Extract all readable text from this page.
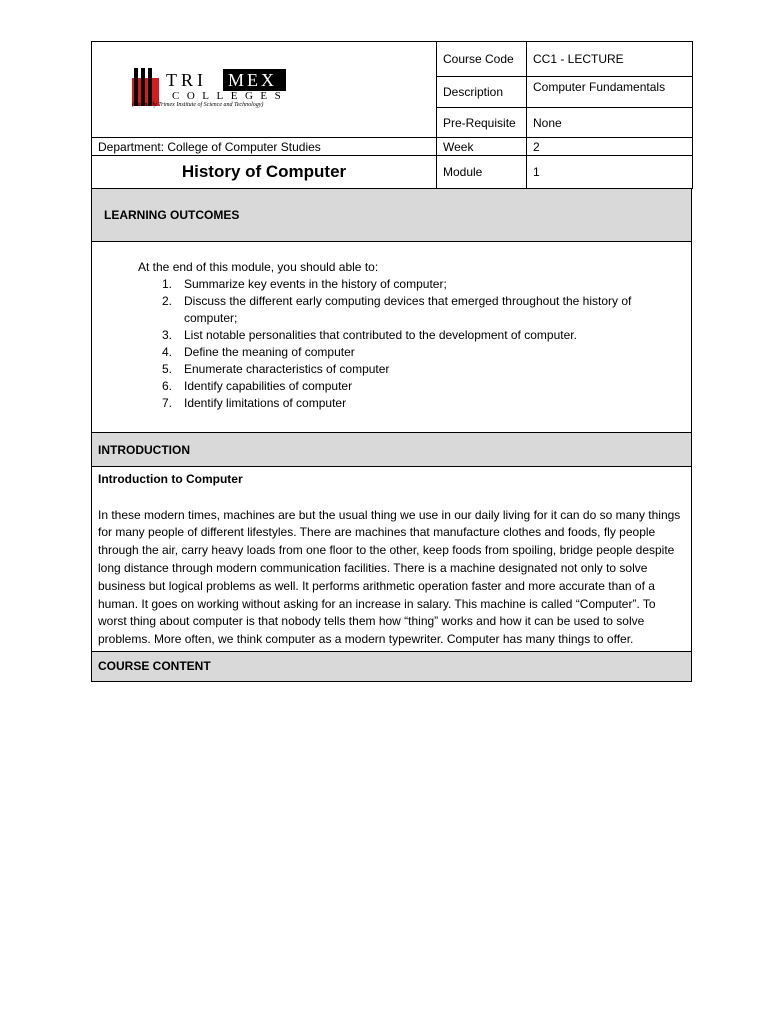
TRI MEX
COLLEGES
(Formerly Trimex Institute of Science and Technology)	Course Code	CC1 - LECTURE
	Description	Computer Fundamentals
	Pre-Requisite	None
Department: College of Computer Studies	Week	2
History of Computer	Module	1
LEARNING OUTCOMES

At the end of this module, you should able to:
1. Summarize key events in the history of computer;
2. Discuss the different early computing devices that emerged throughout the history of computer;
3. List notable personalities that contributed to the development of computer.
4. Define the meaning of computer
5. Enumerate characteristics of computer
6. Identify capabilities of computer
7. Identify limitations of computer

INTRODUCTION

Introduction to Computer

In these modern times, machines are but the usual thing we use in our daily living for it can do so many things for many people of different lifestyles. There are machines that manufacture clothes and foods, fly people through the air, carry heavy loads from one floor to the other, keep foods from spoiling, bridge people despite long distance through modern communication facilities. There is a machine designated not only to solve business but logical problems as well. It performs arithmetic operation faster and more accurate than of a human. It goes on working without asking for an increase in salary. This machine is called “Computer”. To worst thing about computer is that nobody tells them how “thing” works and how it can be used to solve problems. More often, we think computer as a modern typewriter. Computer has many things to offer.

COURSE CONTENT
